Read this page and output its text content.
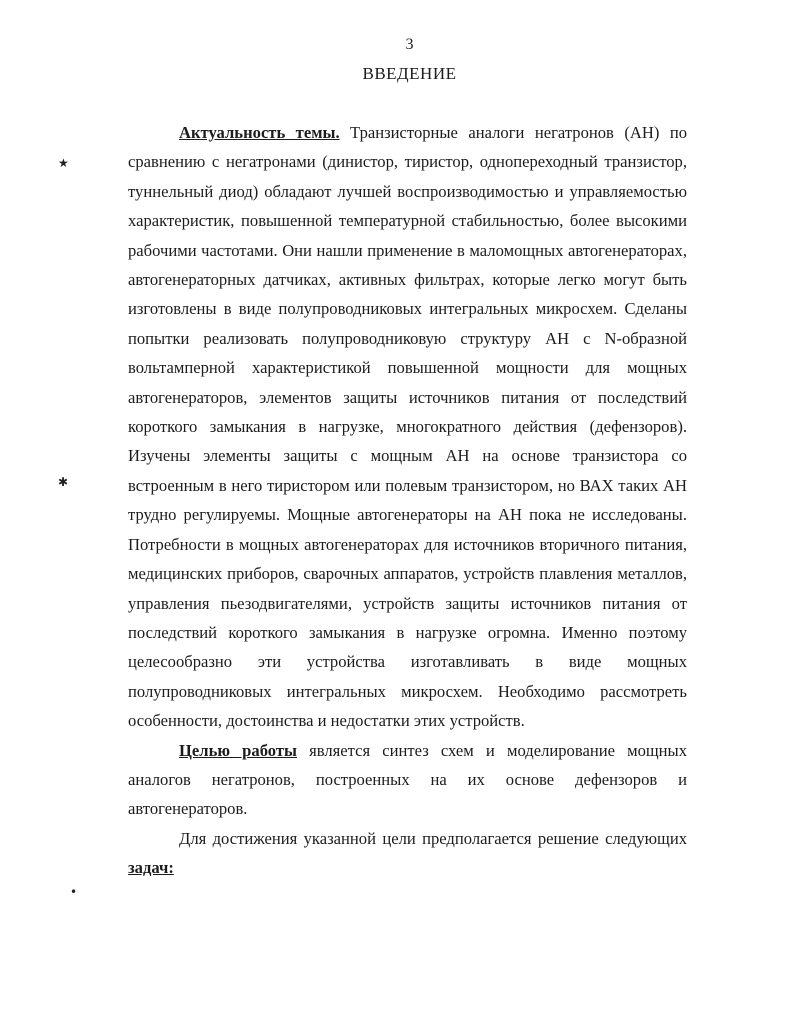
3
ВВЕДЕНИЕ

Актуальность темы. Транзисторные аналоги негатронов (АН) по сравнению с негатронами (динистор, тиристор, однопереходный транзистор, туннельный диод) обладают лучшей воспроизводимостью и управляемостью характеристик, повышенной температурной стабильностью, более высокими рабочими частотами. Они нашли применение в маломощных автогенераторах, автогенераторных датчиках, активных фильтрах, которые легко могут быть изготовлены в виде полупроводниковых интегральных микросхем. Сделаны попытки реализовать полупроводниковую структуру АН с N-образной вольтамперной характеристикой повышенной мощности для мощных автогенераторов, элементов защиты источников питания от последствий короткого замыкания в нагрузке, многократного действия (дефензоров). Изучены элементы защиты с мощным АН на основе транзистора со встроенным в него тиристором или полевым транзистором, но ВАХ таких АН трудно регулируемы. Мощные автогенераторы на АН пока не исследованы. Потребности в мощных автогенераторах для источников вторичного питания, медицинских приборов, сварочных аппаратов, устройств плавления металлов, управления пьезодвигателями, устройств защиты источников питания от последствий короткого замыкания в нагрузке огромна. Именно поэтому целесообразно эти устройства изготавливать в виде мощных полупроводниковых интегральных микросхем. Необходимо рассмотреть особенности, достоинства и недостатки этих устройств.

Целью работы является синтез схем и моделирование мощных аналогов негатронов, построенных на их основе дефензоров и автогенераторов.

Для достижения указанной цели предполагается решение следующих задач:

★
✱
•
